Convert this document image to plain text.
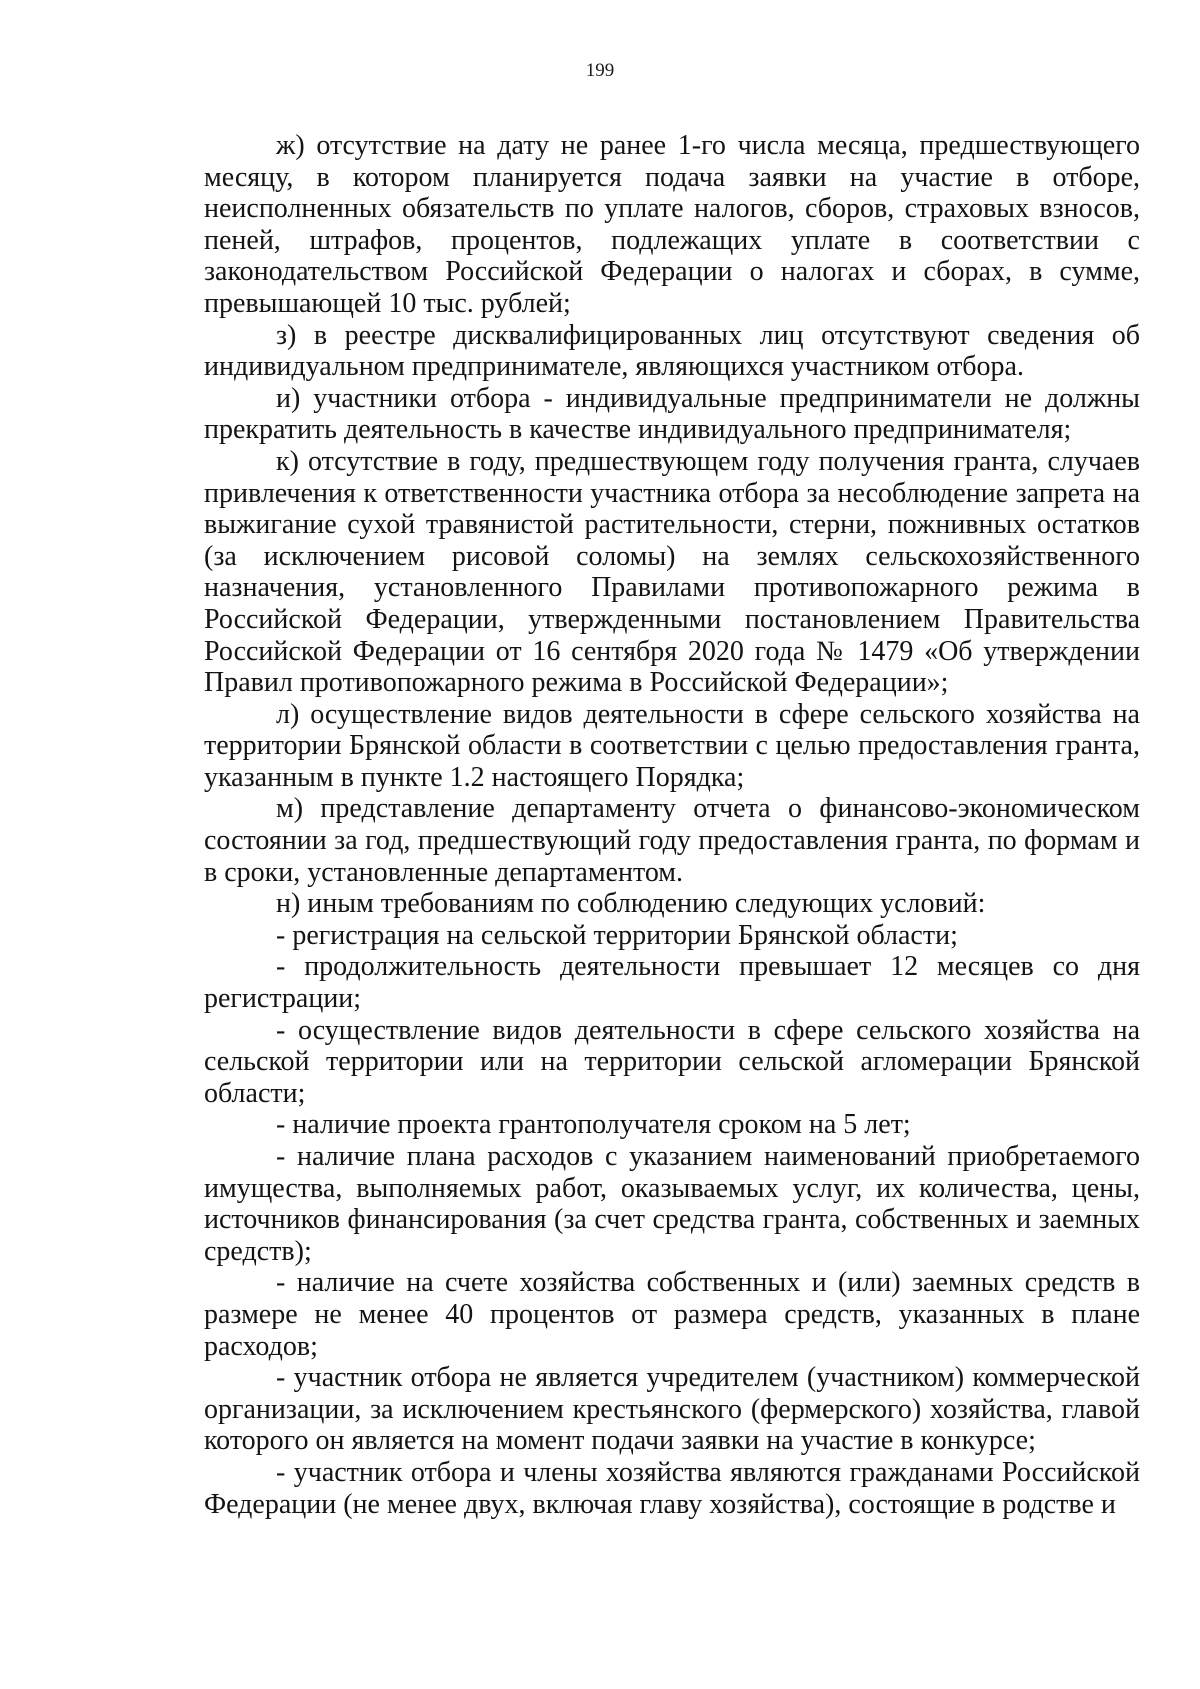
199

ж) отсутствие на дату не ранее 1-го числа месяца, предшествующего месяцу, в котором планируется подача заявки на участие в отборе, неисполненных обязательств по уплате налогов, сборов, страховых взносов, пеней, штрафов, процентов, подлежащих уплате в соответствии с законодательством Российской Федерации о налогах и сборах, в сумме, превышающей 10 тыс. рублей;

з) в реестре дисквалифицированных лиц отсутствуют сведения об индивидуальном предпринимателе, являющихся участником отбора.

и) участники отбора - индивидуальные предприниматели не должны прекратить деятельность в качестве индивидуального предпринимателя;

к) отсутствие в году, предшествующем году получения гранта, случаев привлечения к ответственности участника отбора за несоблюдение запрета на выжигание сухой травянистой растительности, стерни, пожнивных остатков (за исключением рисовой соломы) на землях сельскохозяйственного назначения, установленного Правилами противопожарного режима в Российской Федерации, утвержденными постановлением Правительства Российской Федерации от 16 сентября 2020 года № 1479 «Об утверждении Правил противопожарного режима в Российской Федерации»;

л) осуществление видов деятельности в сфере сельского хозяйства на территории Брянской области в соответствии с целью предоставления гранта, указанным в пункте 1.2 настоящего Порядка;

м) представление департаменту отчета о финансово-экономическом состоянии за год, предшествующий году предоставления гранта, по формам и в сроки, установленные департаментом.

н) иным требованиям по соблюдению следующих условий:

- регистрация на сельской территории Брянской области;

- продолжительность деятельности превышает 12 месяцев со дня регистрации;

- осуществление видов деятельности в сфере сельского хозяйства на сельской территории или на территории сельской агломерации Брянской области;

- наличие проекта грантополучателя сроком на 5 лет;

- наличие плана расходов с указанием наименований приобретаемого имущества, выполняемых работ, оказываемых услуг, их количества, цены, источников финансирования (за счет средства гранта, собственных и заемных средств);

- наличие на счете хозяйства собственных и (или) заемных средств в размере не менее 40 процентов от размера средств, указанных в плане расходов;

- участник отбора не является учредителем (участником) коммерческой организации, за исключением крестьянского (фермерского) хозяйства, главой которого он является на момент подачи заявки на участие в конкурсе;

- участник отбора и члены хозяйства являются гражданами Российской Федерации (не менее двух, включая главу хозяйства), состоящие в родстве и
